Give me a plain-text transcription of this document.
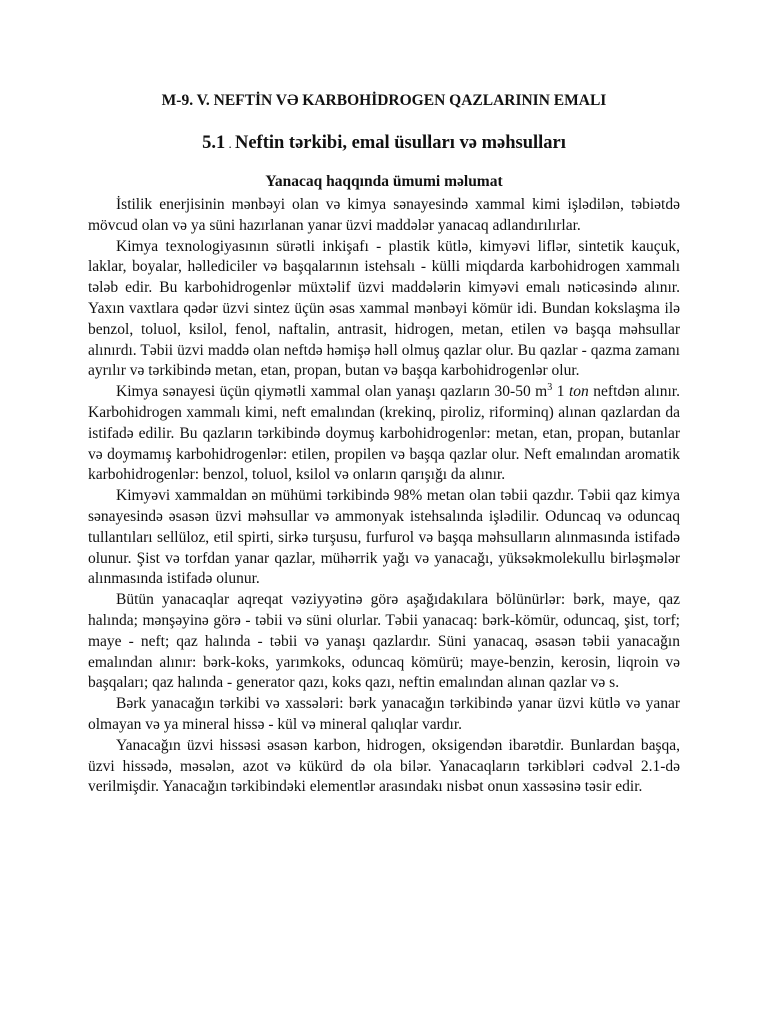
M-9. V. NEFTİN VƏ KARBOHİDROGEN QAZLARININ EMALI
5.1 . Neftin tərkibi, emal üsulları və məhsulları
Yanacaq haqqında ümumi məlumat

İstilik enerjisinin mənbəyi olan və kimya sənayesində xammal kimi işlədilən, təbiətdə mövcud olan və ya süni hazırlanan yanar üzvi maddələr yanacaq adlandırılırlar.

Kimya texnologiyasının sürətli inkişafı - plastik kütlə, kimyəvi liflər, sintetik kauçuk, laklar, boyalar, həllediciler və başqalarının istehsalı - külli miqdarda karbohidrogen xammalı tələb edir. Bu karbohidrogenlər müxtəlif üzvi maddələrin kimyəvi emalı nəticəsində alınır. Yaxın vaxtlara qədər üzvi sintez üçün əsas xammal mənbəyi kömür idi. Bundan kokslaşma ilə benzol, toluol, ksilol, fenol, naftalin, antrasit, hidrogen, metan, etilen və başqa məhsullar alınırdı. Təbii üzvi maddə olan neftdə həmişə həll olmuş qazlar olur. Bu qazlar - qazma zamanı ayrılır və tərkibində metan, etan, propan, butan və başqa karbohidrogenlər olur.

Kimya sənayesi üçün qiymətli xammal olan yanaşı qazların 30-50 $m^3$ 1 ton neftdən alınır. Karbohidrogen xammalı kimi, neft emalından (krekinq, piroliz, riforminq) alınan qazlardan da istifadə edilir. Bu qazların tərkibində doymuş karbohidrogenlər: metan, etan, propan, butanlar və doymamış karbohidrogenlər: etilen, propilen və başqa qazlar olur. Neft emalından aromatik karbohidrogenlər: benzol, toluol, ksilol və onların qarışığı da alınır.

Kimyəvi xammaldan ən mühümi tərkibində 98% metan olan təbii qazdır. Təbii qaz kimya sənayesində əsasən üzvi məhsullar və ammonyak istehsalında işlədilir. Oduncaq və oduncaq tullantıları sellüloz, etil spirti, sirkə turşusu, furfurol və başqa məhsulların alınmasında istifadə olunur. Şist və torfdan yanar qazlar, mühərrik yağı və yanacağı, yüksəkmolekullu birləşmələr alınmasında istifadə olunur.

Bütün yanacaqlar aqreqat vəziyyətinə görə aşağıdakılara bölünürlər: bərk, maye, qaz halında; mənşəyinə görə - təbii və süni olurlar. Təbii yanacaq: bərk-kömür, oduncaq, şist, torf; maye - neft; qaz halında - təbii və yanaşı qazlardır. Süni yanacaq, əsasən təbii yanacağın emalından alınır: bərk-koks, yarımkoks, oduncaq kömürü; maye-benzin, kerosin, liqroin və başqaları; qaz halında - generator qazı, koks qazı, neftin emalından alınan qazlar və s.

Bərk yanacağın tərkibi və xassələri: bərk yanacağın tərkibində yanar üzvi kütlə və yanar olmayan və ya mineral hissə - kül və mineral qalıqlar vardır.

Yanacağın üzvi hissəsi əsasən karbon, hidrogen, oksigendən ibarətdir. Bunlardan başqa, üzvi hissədə, məsələn, azot və kükürd də ola bilər. Yanacaqların tərkibləri cədvəl 2.1-də verilmişdir. Yanacağın tərkibindəki elementlər arasındakı nisbət onun xassəsinə təsir edir.
